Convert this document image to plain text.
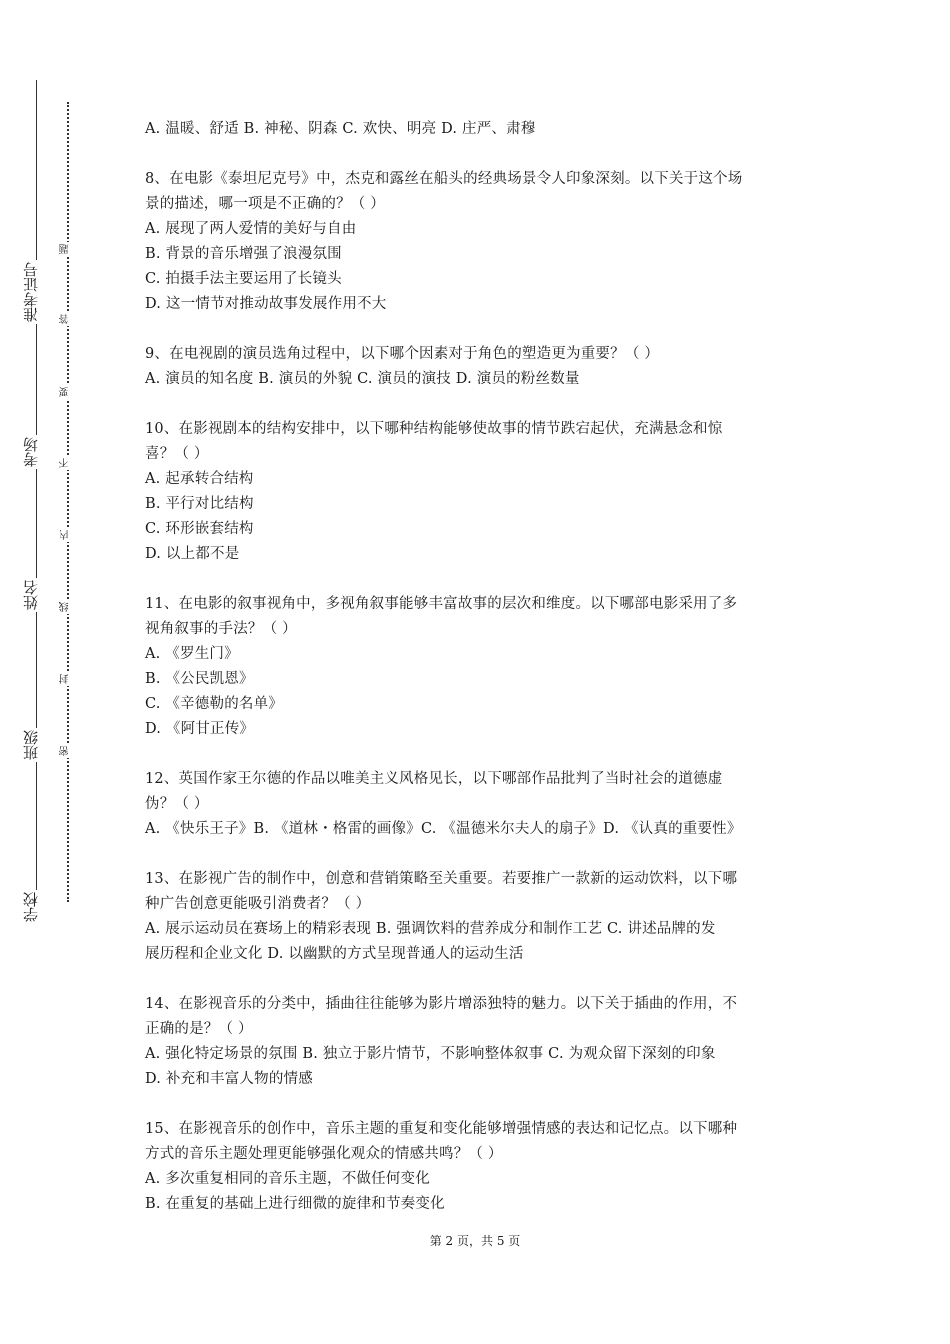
准考证号
考场
姓名
班级
学校
题
答
要
不
内
线
封
密

A. 温暖、舒适 B. 神秘、阴森 C. 欢快、明亮 D. 庄严、肃穆

8、在电影《泰坦尼克号》中，杰克和露丝在船头的经典场景令人印象深刻。以下关于这个场

景的描述，哪一项是不正确的？（ ）

A. 展现了两人爱情的美好与自由

B. 背景的音乐增强了浪漫氛围

C. 拍摄手法主要运用了长镜头

D. 这一情节对推动故事发展作用不大

9、在电视剧的演员选角过程中，以下哪个因素对于角色的塑造更为重要？（ ）

A. 演员的知名度 B. 演员的外貌 C. 演员的演技 D. 演员的粉丝数量

10、在影视剧本的结构安排中，以下哪种结构能够使故事的情节跌宕起伏，充满悬念和惊

喜？（ ）

A. 起承转合结构

B. 平行对比结构

C. 环形嵌套结构

D. 以上都不是

11、在电影的叙事视角中，多视角叙事能够丰富故事的层次和维度。以下哪部电影采用了多

视角叙事的手法？（ ）

A. 《罗生门》

B. 《公民凯恩》

C. 《辛德勒的名单》

D. 《阿甘正传》

12、英国作家王尔德的作品以唯美主义风格见长，以下哪部作品批判了当时社会的道德虚

伪？（ ）

A. 《快乐王子》B. 《道林・格雷的画像》C. 《温德米尔夫人的扇子》D. 《认真的重要性》

13、在影视广告的制作中，创意和营销策略至关重要。若要推广一款新的运动饮料，以下哪

种广告创意更能吸引消费者？（ ）

A. 展示运动员在赛场上的精彩表现 B. 强调饮料的营养成分和制作工艺 C. 讲述品牌的发

展历程和企业文化 D. 以幽默的方式呈现普通人的运动生活

14、在影视音乐的分类中，插曲往往能够为影片增添独特的魅力。以下关于插曲的作用，不

正确的是？（ ）

A. 强化特定场景的氛围 B. 独立于影片情节，不影响整体叙事 C. 为观众留下深刻的印象

D. 补充和丰富人物的情感

15、在影视音乐的创作中，音乐主题的重复和变化能够增强情感的表达和记忆点。以下哪种

方式的音乐主题处理更能够强化观众的情感共鸣？（ ）

A. 多次重复相同的音乐主题，不做任何变化

B. 在重复的基础上进行细微的旋律和节奏变化

第 2 页，共 5 页
